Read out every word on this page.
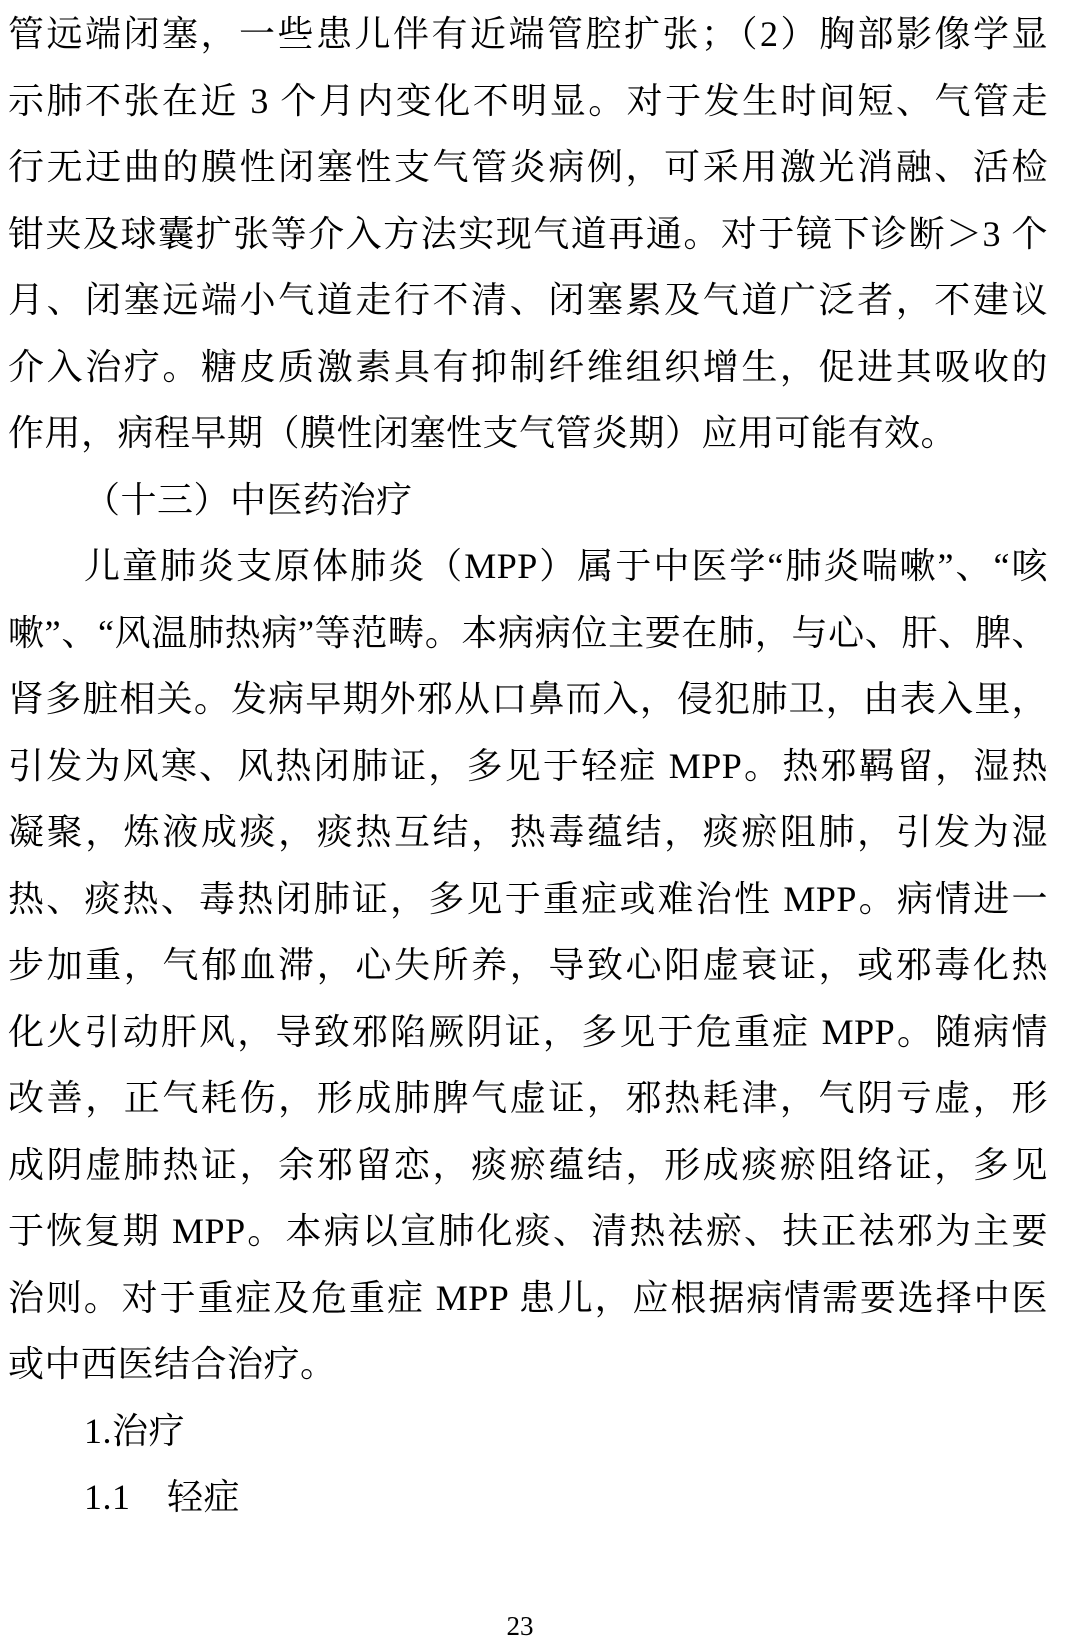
管远端闭塞，一些患儿伴有近端管腔扩张；（2）胸部影像学显
示肺不张在近 3 个月内变化不明显。对于发生时间短、气管走
行无迂曲的膜性闭塞性支气管炎病例，可采用激光消融、活检
钳夹及球囊扩张等介入方法实现气道再通。对于镜下诊断＞3 个
月、闭塞远端小气道走行不清、闭塞累及气道广泛者，不建议
介入治疗。糖皮质激素具有抑制纤维组织增生，促进其吸收的
作用，病程早期（膜性闭塞性支气管炎期）应用可能有效。
（十三）中医药治疗
儿童肺炎支原体肺炎（MPP）属于中医学“肺炎喘嗽”、“咳
嗽”、“风温肺热病”等范畴。本病病位主要在肺，与心、肝、脾、
肾多脏相关。发病早期外邪从口鼻而入，侵犯肺卫，由表入里，
引发为风寒、风热闭肺证，多见于轻症 MPP。热邪羁留，湿热
凝聚，炼液成痰，痰热互结，热毒蕴结，痰瘀阻肺，引发为湿
热、痰热、毒热闭肺证，多见于重症或难治性 MPP。病情进一
步加重，气郁血滞，心失所养，导致心阳虚衰证，或邪毒化热
化火引动肝风，导致邪陷厥阴证，多见于危重症 MPP。随病情
改善，正气耗伤，形成肺脾气虚证，邪热耗津，气阴亏虚，形
成阴虚肺热证，余邪留恋，痰瘀蕴结，形成痰瘀阻络证，多见
于恢复期 MPP。本病以宣肺化痰、清热祛瘀、扶正祛邪为主要
治则。对于重症及危重症 MPP 患儿，应根据病情需要选择中医
或中西医结合治疗。
1.治疗
1.1　轻症
23
